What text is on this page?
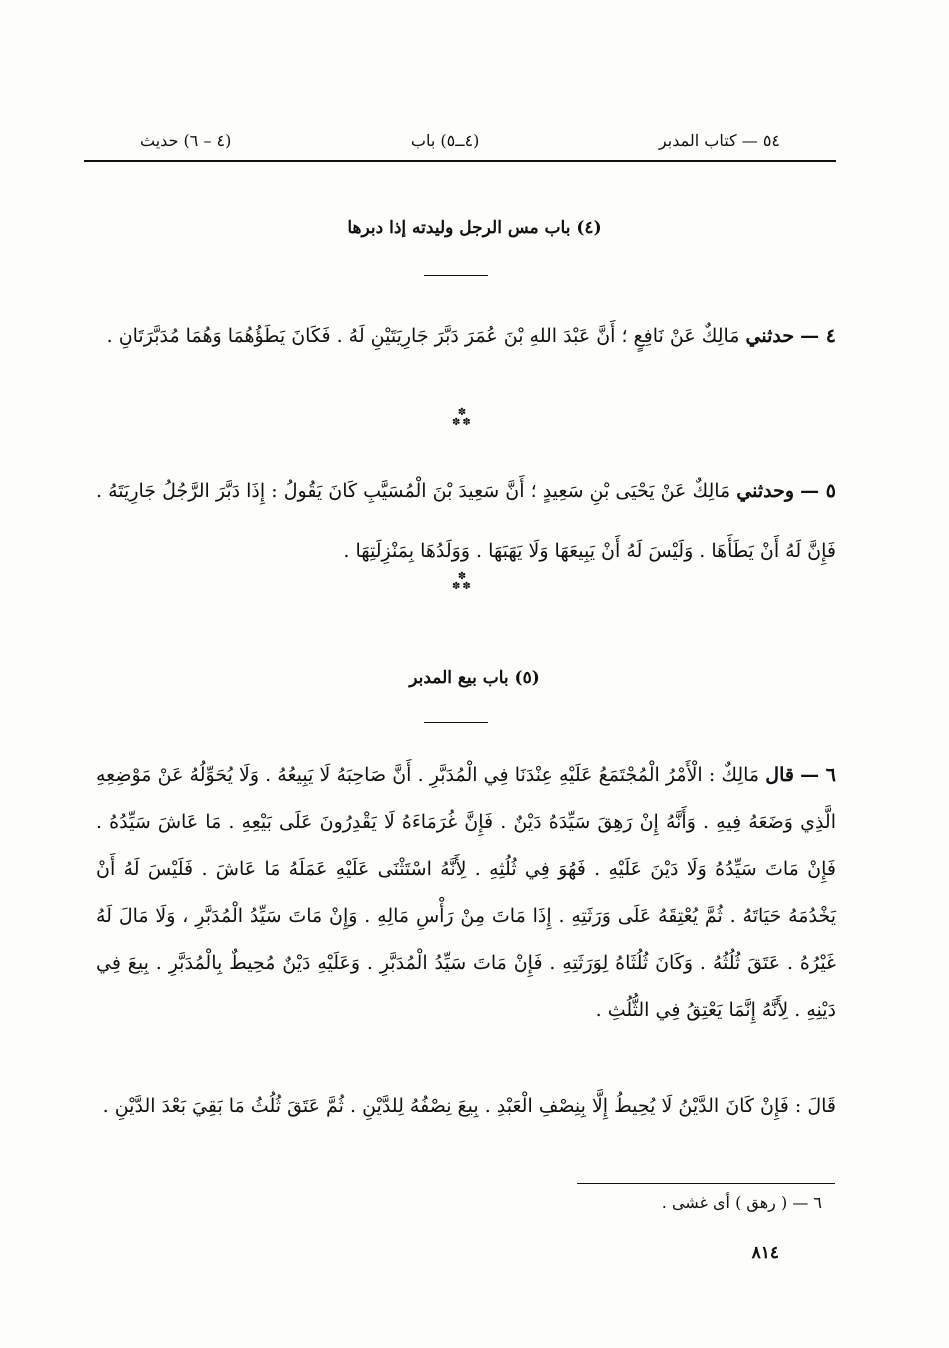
٥٤ — كتاب المدبر
(٤ــ٥) باب
(٤ – ٦) حديث
(٤) باب مس الرجل وليدته إذا دبرها
٤ — حدثني مَالِكٌ عَنْ نَافِعٍ ؛ أَنَّ عَبْدَ اللهِ بْنَ عُمَرَ دَبَّرَ جَارِيَتَيْنِ لَهُ . فَكَانَ يَطَؤُهُمَا وَهُمَا مُدَبَّرَتَانِ .
✽
✽✽
٥ — وحدثني مَالِكٌ عَنْ يَحْيَى بْنِ سَعِيدٍ ؛ أَنَّ سَعِيدَ بْنَ الْمُسَيَّبِ كَانَ يَقُولُ : إِذَا دَبَّرَ الرَّجُلُ جَارِيَتَهُ . فَإِنَّ لَهُ أَنْ يَطَأَهَا . وَلَيْسَ لَهُ أَنْ يَبِيعَهَا وَلَا يَهَبَهَا . وَوَلَدُهَا بِمَنْزِلَتِهَا .
✽
✽✽
(٥) باب بيع المدبر
٦ — قال مَالِكٌ : الْأَمْرُ الْمُجْتَمَعُ عَلَيْهِ عِنْدَنَا فِي الْمُدَبَّرِ . أَنَّ صَاحِبَهُ لَا يَبِيعُهُ . وَلَا يُحَوِّلُهُ عَنْ مَوْضِعِهِ الَّذِي وَضَعَهُ فِيهِ . وَأَنَّهُ إِنْ رَهِقَ سَيِّدَهُ دَيْنٌ . فَإِنَّ غُرَمَاءَهُ لَا يَقْدِرُونَ عَلَى بَيْعِهِ . مَا عَاشَ سَيِّدُهُ . فَإِنْ مَاتَ سَيِّدُهُ وَلَا دَيْنَ عَلَيْهِ . فَهُوَ فِي ثُلُثِهِ . لِأَنَّهُ اسْتَثْنَى عَلَيْهِ عَمَلَهُ مَا عَاشَ . فَلَيْسَ لَهُ أَنْ يَخْدُمَهُ حَيَاتَهُ . ثُمَّ يُعْتِقَهُ عَلَى وَرَثَتِهِ . إِذَا مَاتَ مِنْ رَأْسِ مَالِهِ . وَإِنْ مَاتَ سَيِّدُ الْمُدَبَّرِ ، وَلَا مَالَ لَهُ غَيْرُهُ . عَتَقَ ثُلُثُهُ . وَكَانَ ثُلُثَاهُ لِوَرَثَتِهِ . فَإِنْ مَاتَ سَيِّدُ الْمُدَبَّرِ . وَعَلَيْهِ دَيْنٌ مُحِيطٌ بِالْمُدَبَّرِ . بِيعَ فِي دَيْنِهِ . لِأَنَّهُ إِنَّمَا يَعْتِقُ فِي الثُّلُثِ .
قَالَ : فَإِنْ كَانَ الدَّيْنُ لَا يُحِيطُ إِلَّا بِنِصْفِ الْعَبْدِ . بِيعَ نِصْفُهُ لِلدَّيْنِ . ثُمَّ عَتَقَ ثُلُثُ مَا بَقِيَ بَعْدَ الدَّيْنِ .
٦ — ( رهق ) أى غشى .
٨١٤
